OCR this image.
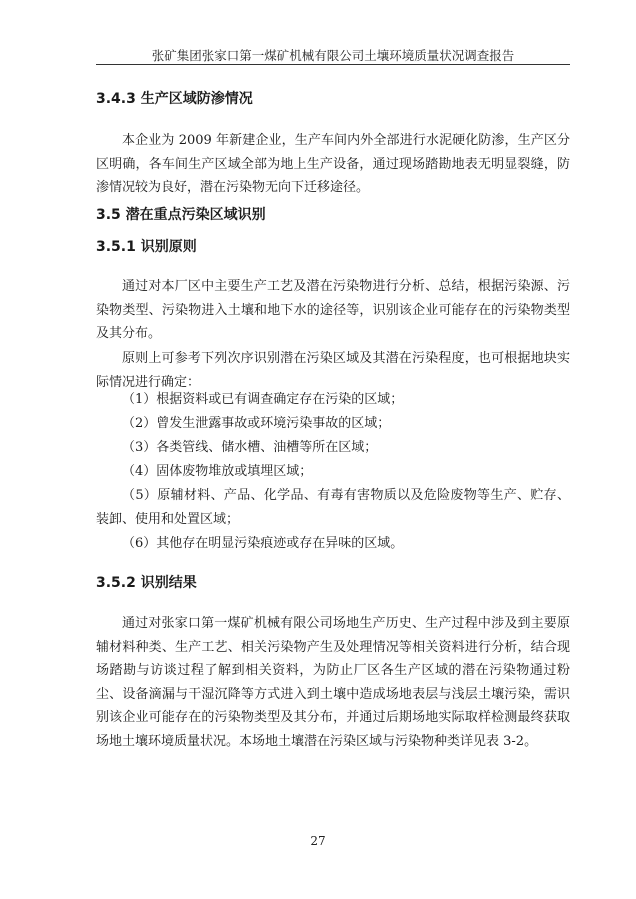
张矿集团张家口第一煤矿机械有限公司土壤环境质量状况调查报告
3.4.3 生产区域防渗情况

本企业为 2009 年新建企业，生产车间内外全部进行水泥硬化防渗，生产区分区明确，各车间生产区域全部为地上生产设备，通过现场踏勘地表无明显裂缝，防渗情况较为良好，潜在污染物无向下迁移途径。

3.5 潜在重点污染区域识别
3.5.1 识别原则

通过对本厂区中主要生产工艺及潜在污染物进行分析、总结，根据污染源、污染物类型、污染物进入土壤和地下水的途径等，识别该企业可能存在的污染物类型及其分布。

原则上可参考下列次序识别潜在污染区域及其潜在污染程度，也可根据地块实际情况进行确定：

（1）根据资料或已有调查确定存在污染的区域；
（2）曾发生泄露事故或环境污染事故的区域；
（3）各类管线、储水槽、油槽等所在区域；
（4）固体废物堆放或填埋区域；
（5）原辅材料、产品、化学品、有毒有害物质以及危险废物等生产、贮存、装卸、使用和处置区域；
（6）其他存在明显污染痕迹或存在异味的区域。
3.5.2 识别结果

通过对张家口第一煤矿机械有限公司场地生产历史、生产过程中涉及到主要原辅材料种类、生产工艺、相关污染物产生及处理情况等相关资料进行分析，结合现场踏勘与访谈过程了解到相关资料，为防止厂区各生产区域的潜在污染物通过粉尘、设备滴漏与干湿沉降等方式进入到土壤中造成场地表层与浅层土壤污染，需识别该企业可能存在的污染物类型及其分布，并通过后期场地实际取样检测最终获取场地土壤环境质量状况。本场地土壤潜在污染区域与污染物种类详见表 3-2。

27
